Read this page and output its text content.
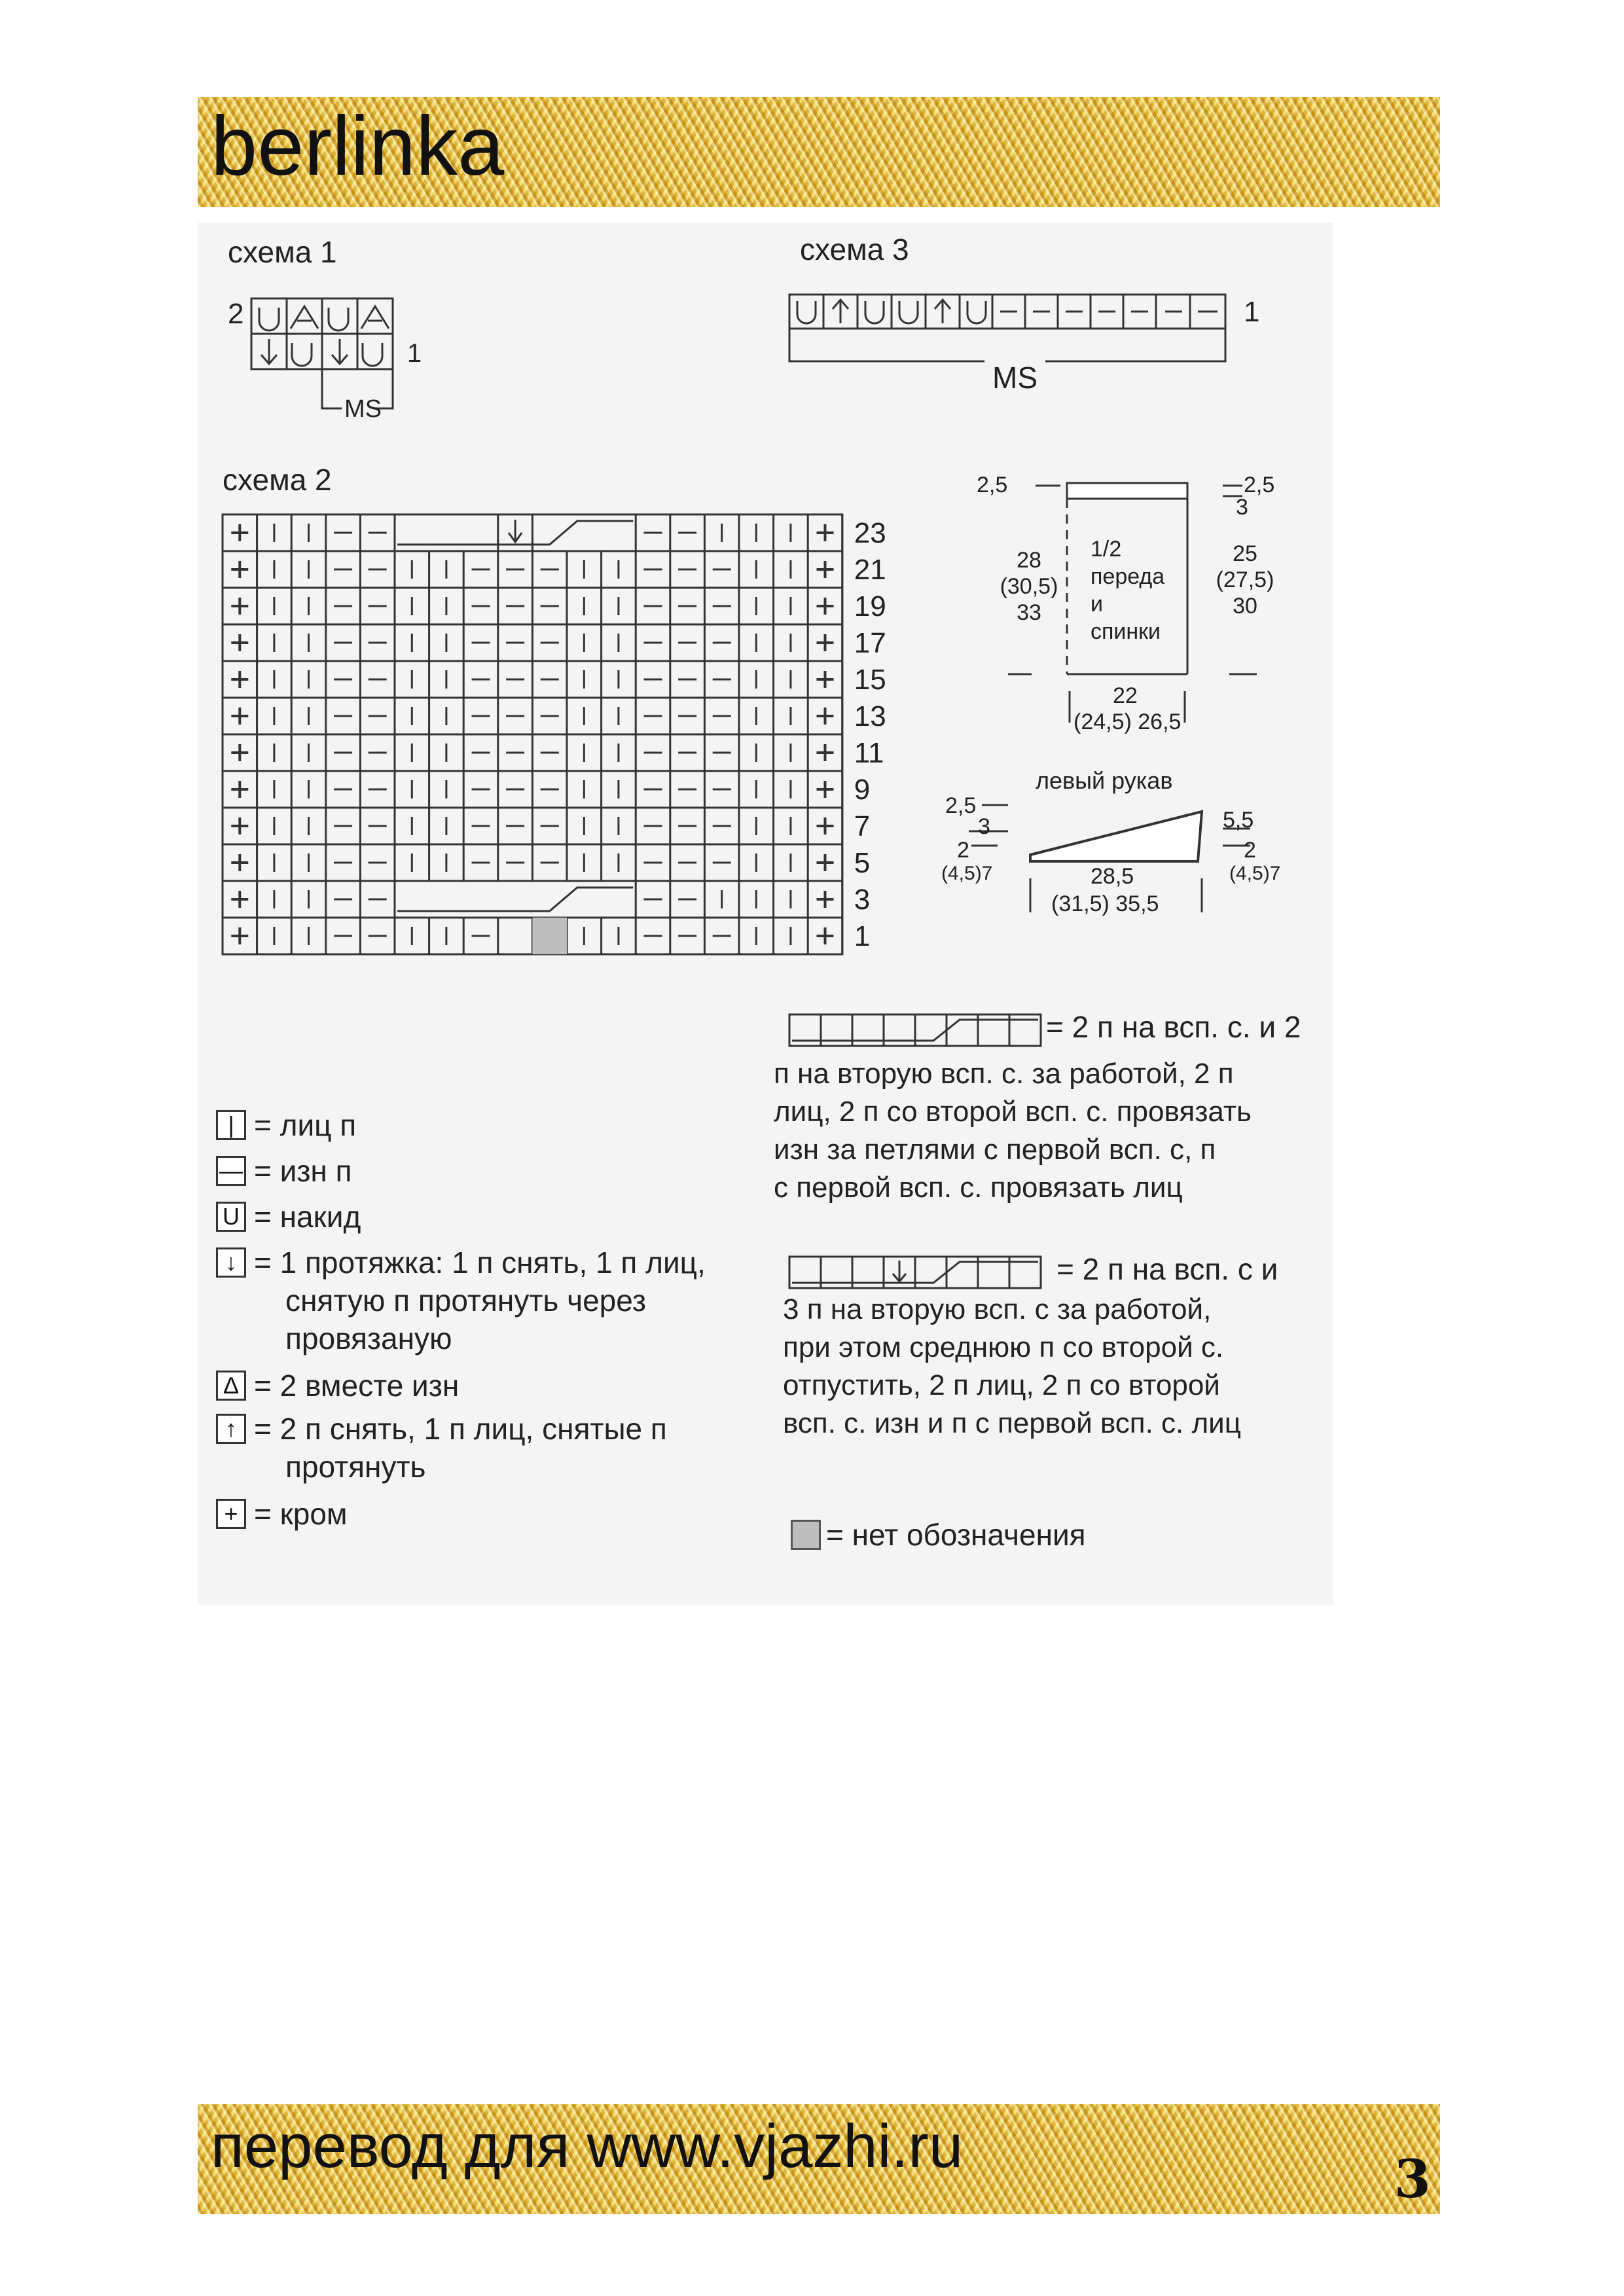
berlinka
схема 1
2
1
MS
схема 3
1
MS
схема 2
23
21
19
17
15
13
11
9
7
5
3
1
2,5	2,5
3
28
(30,5)
33
25
(27,5)
30
1/2
переда
и
спинки
22
(24,5) 26,5
левый рукав
2,5
3
2
(4,5)7
5,5
2
(4,5)7
28,5
(31,5) 35,5
| = лиц п
— = изн п
U = накид
↓ = 1 протяжка: 1 п снять, 1 п лиц,
снятую п протянуть через
провязаную
∆ = 2 вместе изн
↑ = 2 п снять, 1 п лиц, снятые п
протянуть
+ = кром
= 2 п на всп. с. и 2
п на вторую всп. с. за работой, 2 п
лиц, 2 п со второй всп. с. провязать
изн за петлями с первой всп. с, п
с первой всп. с. провязать лиц
= 2 п на всп. с и
3 п на вторую всп. с за работой,
при этом среднюю п со второй с.
отпустить, 2 п лиц, 2 п со второй
всп. с. изн и п с первой всп. с. лиц
= нет обозначения
перевод для www.vjazhi.ru	3
